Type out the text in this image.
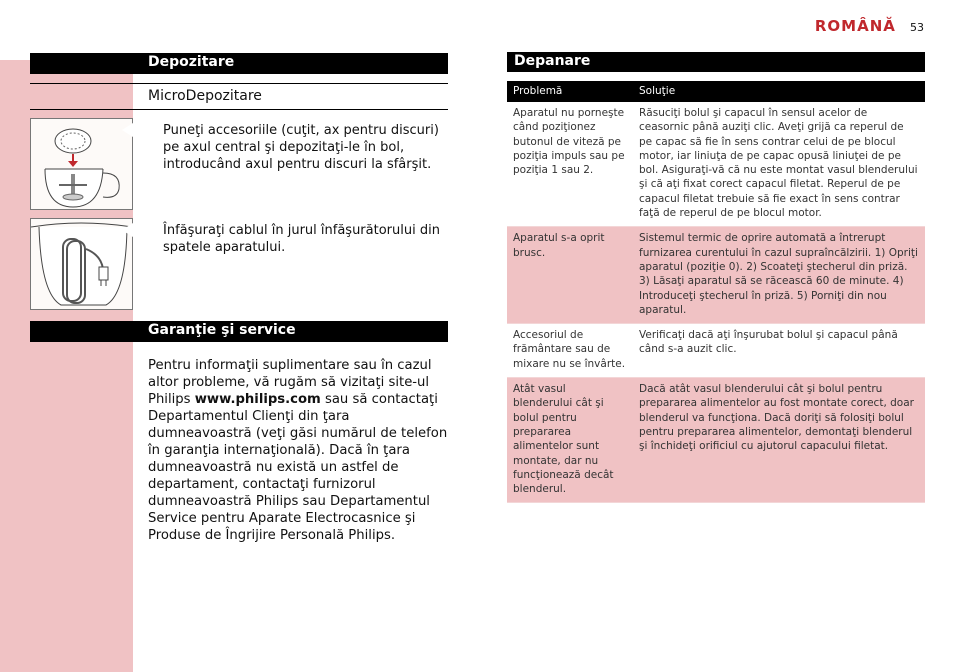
ROMÂNĂ 53
Depozitare
MicroDepozitare
Puneţi accesoriile (cuţit, ax pentru discuri) pe axul central şi depozitaţi-le în bol, introducând axul pentru discuri la sfârşit.
Înfăşuraţi cablul în jurul înfăşurătorului din spatele aparatului.
Garanţie şi service
Pentru informaţii suplimentare sau în cazul altor probleme, vă rugăm să vizitaţi site-ul Philips www.philips.com sau să contactaţi Departamentul Clienţi din ţara dumneavoastră (veţi găsi numărul de telefon în garanţia internaţională). Dacă în ţara dumneavoastră nu există un astfel de departament, contactaţi furnizorul dumneavoastră Philips sau Departamentul Service pentru Aparate Electrocasnice şi Produse de Îngrijire Personală Philips.
Depanare
Problemă	Soluţie
Aparatul nu porneşte când poziţionez butonul de viteză pe poziţia impuls sau pe poziţia 1 sau 2.	Răsuciţi bolul şi capacul în sensul acelor de ceasornic până auziţi clic. Aveţi grijă ca reperul de pe capac să fie în sens contrar celui de pe blocul motor, iar liniuţa de pe capac opusă liniuţei de pe bol. Asiguraţi-vă că nu este montat vasul blenderului şi că aţi fixat corect capacul filetat. Reperul de pe capacul filetat trebuie să fie exact în sens contrar faţă de reperul de pe blocul motor.
Aparatul s-a oprit brusc.	Sistemul termic de oprire automată a întrerupt furnizarea curentului în cazul supraîncălzirii. 1) Opriţi aparatul (poziţie 0). 2) Scoateţi ştecherul din priză. 3) Lăsaţi aparatul să se răcească 60 de minute. 4) Introduceţi ştecherul în priză. 5) Porniţi din nou aparatul.
Accesoriul de frământare sau de mixare nu se învârte.	Verificaţi dacă aţi înşurubat bolul şi capacul până când s-a auzit clic.
Atât vasul blenderului cât şi bolul pentru prepararea alimentelor sunt montate, dar nu funcţionează decât blenderul.	Dacă atât vasul blenderului cât şi bolul pentru prepararea alimentelor au fost montate corect, doar blenderul va funcţiona. Dacă doriţi să folosiţi bolul pentru prepararea alimentelor, demontaţi blenderul şi închideţi orificiul cu ajutorul capacului filetat.
